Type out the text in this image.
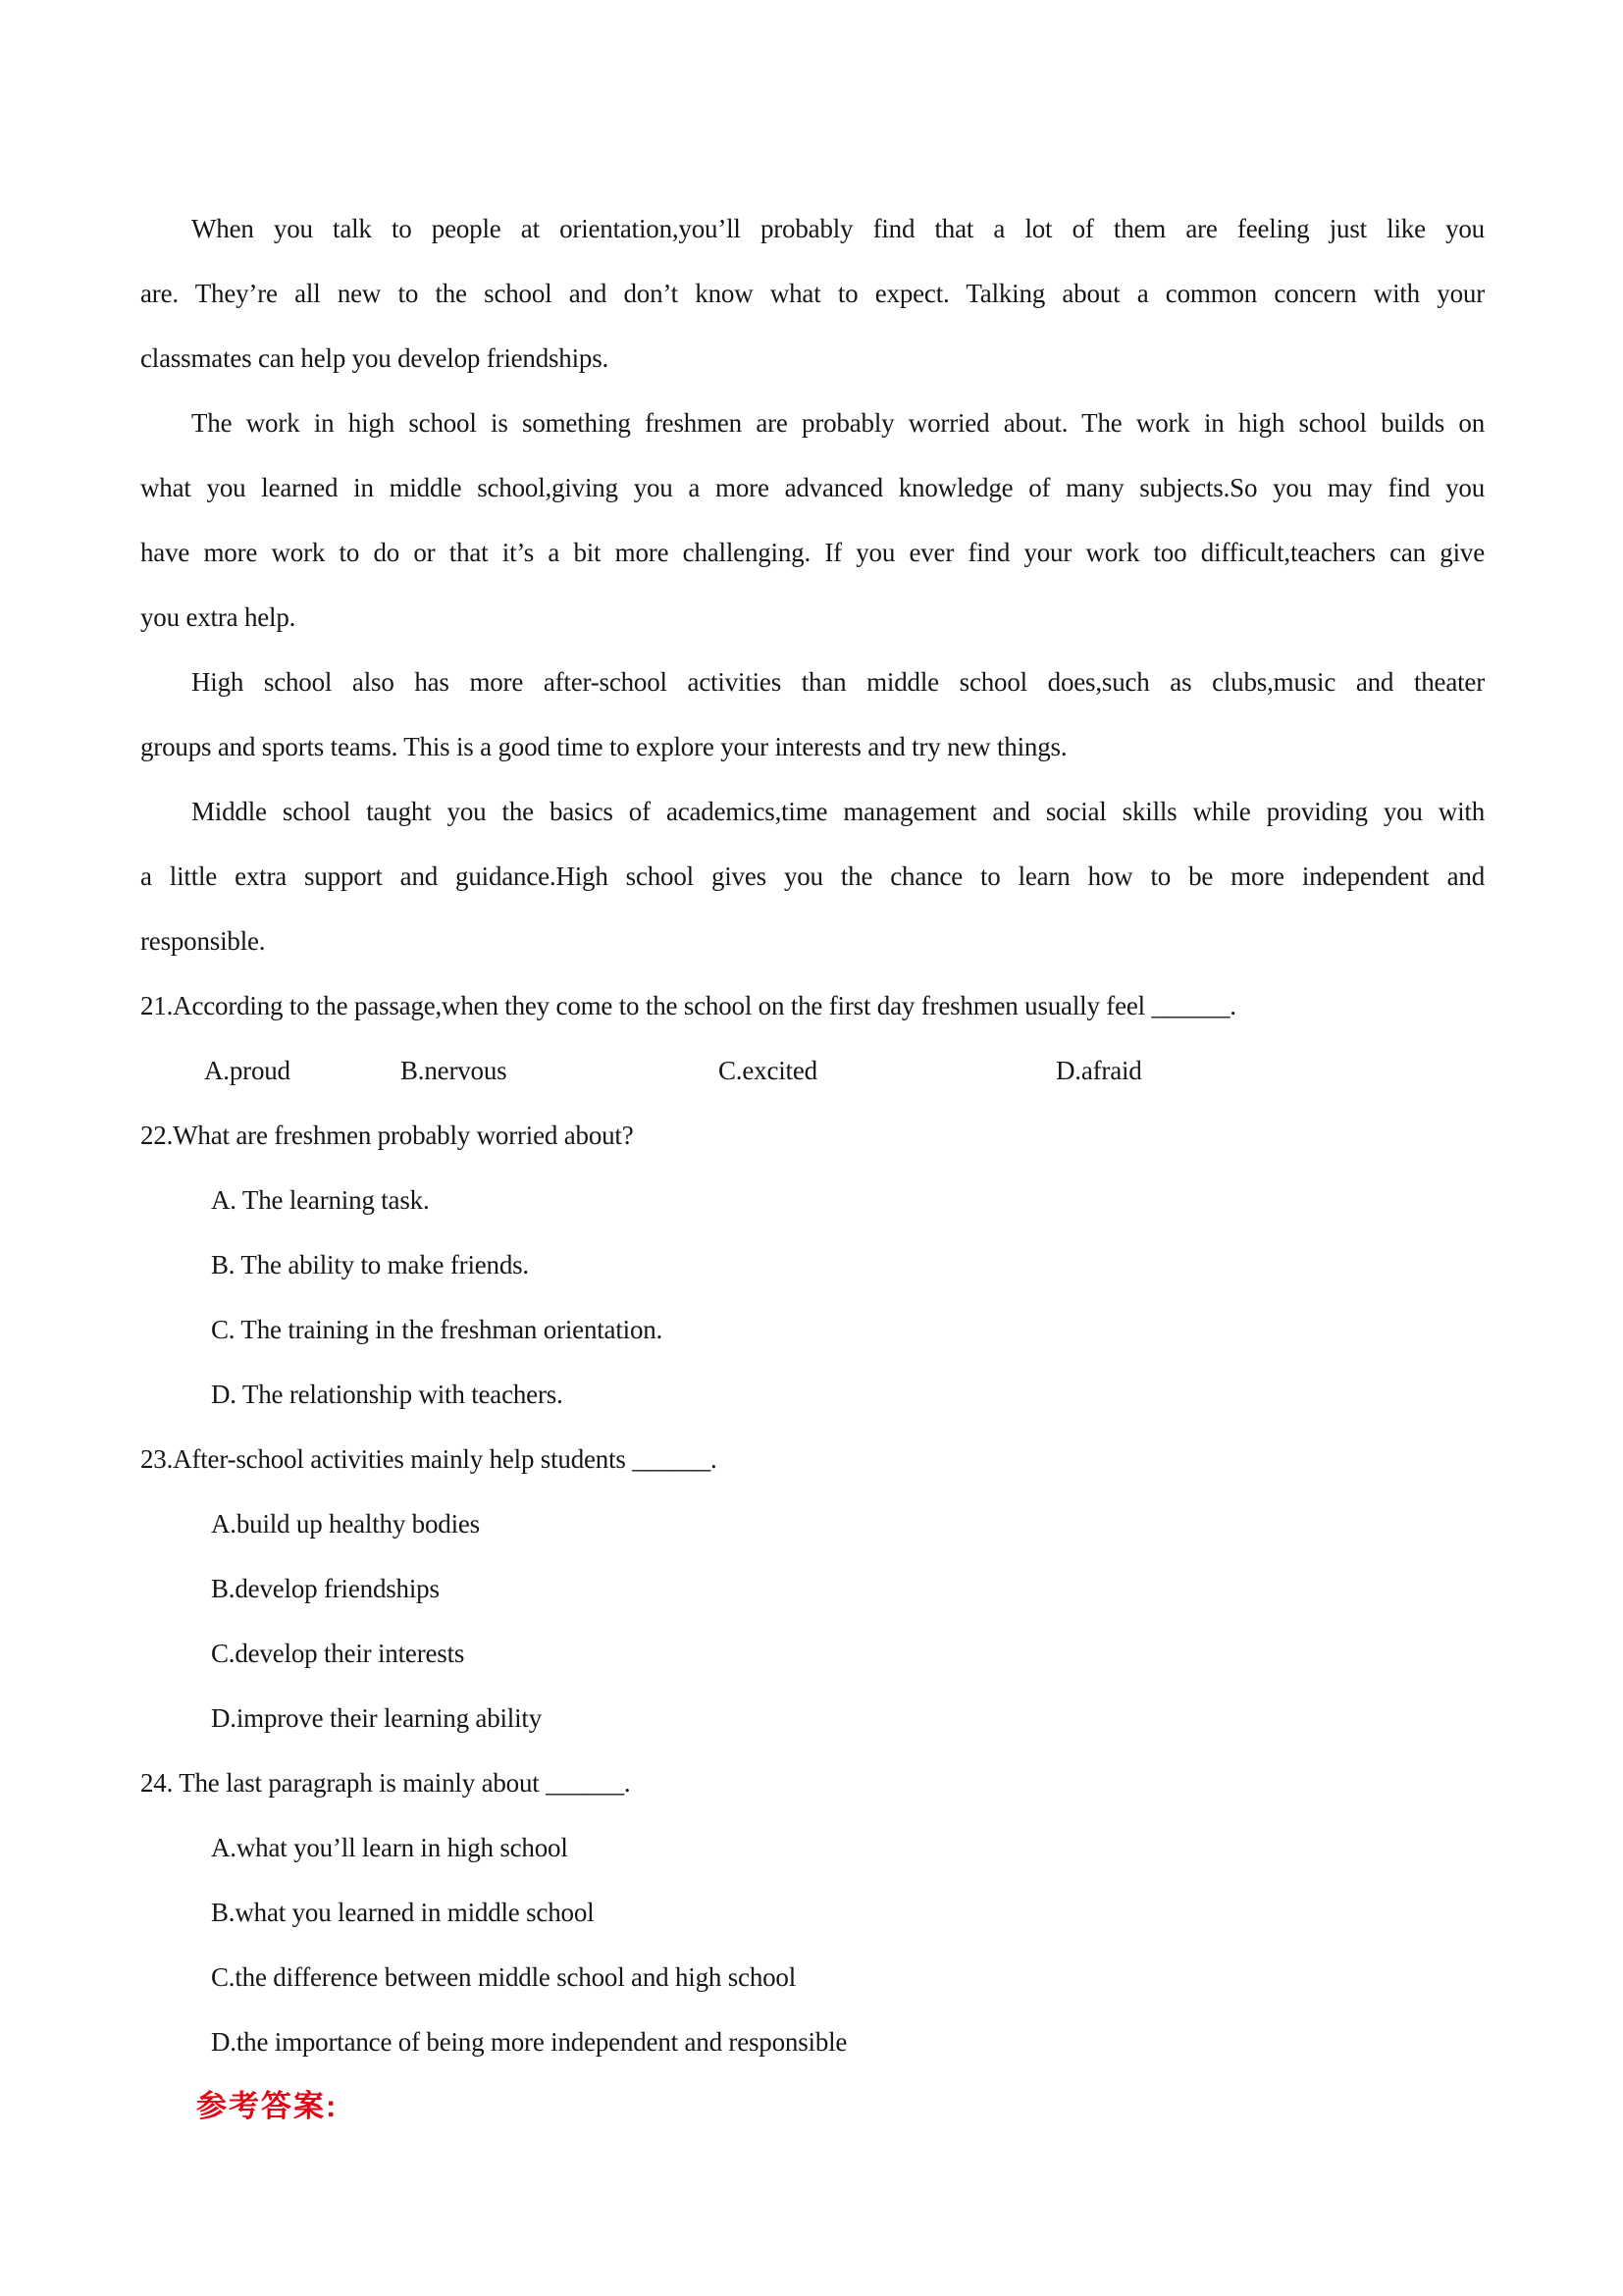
When you talk to people at orientation,you’ll probably find that a lot of them are feeling just like you
are. They’re all new to the school and don’t know what to expect. Talking about a common concern with your
classmates can help you develop friendships.
The work in high school is something freshmen are probably worried about. The work in high school builds on
what you learned in middle school,giving you a more advanced knowledge of many subjects.So you may find you
have more work to do or that it’s a bit more challenging. If you ever find your work too difficult,teachers can give
you extra help.
High school also has more after-school activities than middle school does,such as clubs,music and theater
groups and sports teams. This is a good time to explore your interests and try new things.
Middle school taught you the basics of academics,time management and social skills while providing you with
a little extra support and guidance.High school gives you the chance to learn how to be more independent and
responsible.
21.According to the passage,when they come to the school on the first day freshmen usually feel ______.
A.proud	B.nervous	C.excited	D.afraid
22.What are freshmen probably worried about?
A. The learning task.
B. The ability to make friends.
C. The training in the freshman orientation.
D. The relationship with teachers.
23.After-school activities mainly help students ______.
A.build up healthy bodies
B.develop friendships
C.develop their interests
D.improve their learning ability
24. The last paragraph is mainly about ______.
A.what you’ll learn in high school
B.what you learned in middle school
C.the difference between middle school and high school
D.the importance of being more independent and responsible
参考答案:
